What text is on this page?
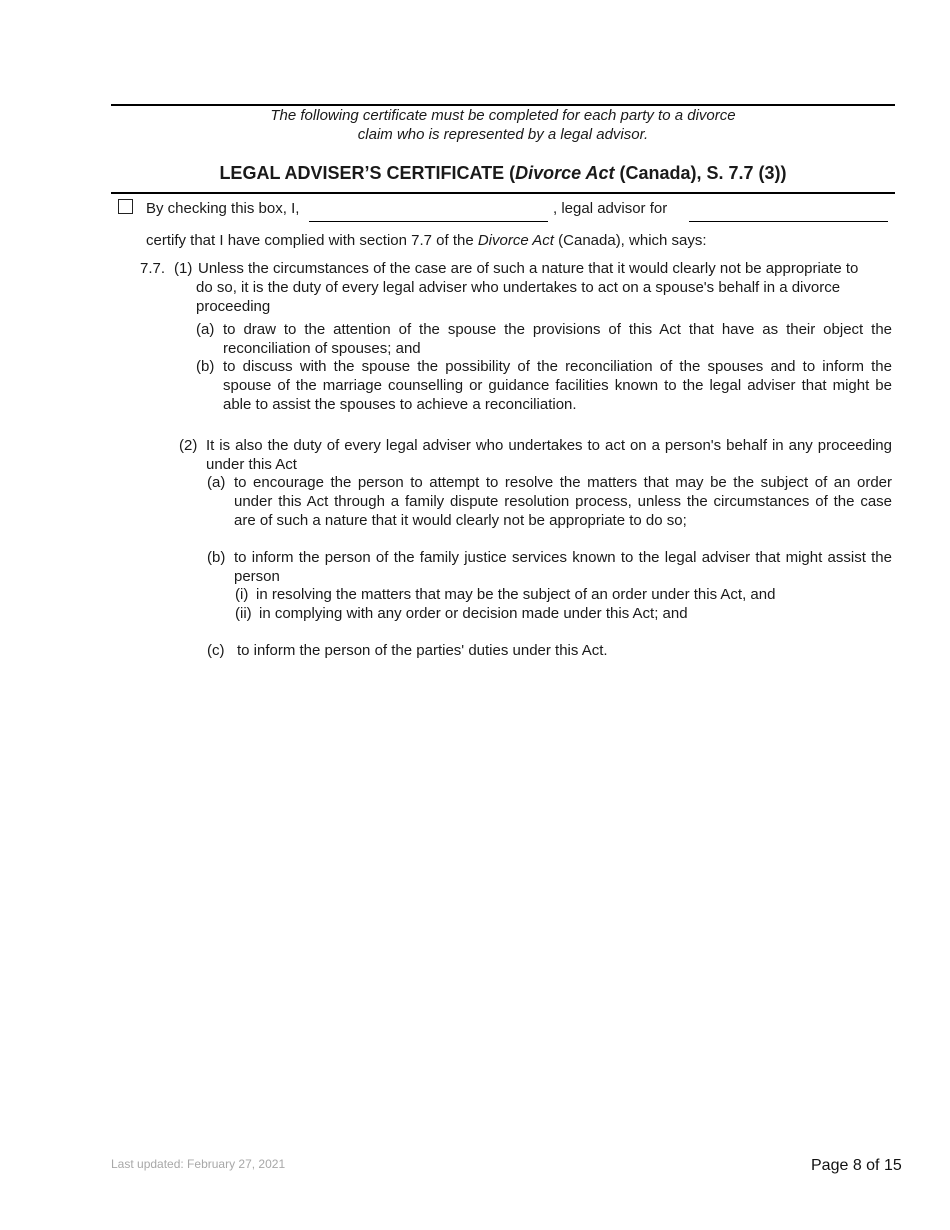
The following certificate must be completed for each party to a divorce
claim who is represented by a legal advisor.
LEGAL ADVISER’S CERTIFICATE (Divorce Act (Canada), S. 7.7 (3))
By checking this box, I,	, legal advisor for
certify that I have complied with section 7.7 of the Divorce Act (Canada), which says:
7.7. (1) Unless the circumstances of the case are of such a nature that it would clearly not be appropriate to
do so, it is the duty of every legal adviser who undertakes to act on a spouse's behalf in a divorce proceeding
(a) to draw to the attention of the spouse the provisions of this Act that have as their object the reconciliation of spouses; and
(b) to discuss with the spouse the possibility of the reconciliation of the spouses and to inform the spouse of the marriage counselling or guidance facilities known to the legal adviser that might be able to assist the spouses to achieve a reconciliation.
(2) It is also the duty of every legal adviser who undertakes to act on a person's behalf in any proceeding under this Act
(a) to encourage the person to attempt to resolve the matters that may be the subject of an order under this Act through a family dispute resolution process, unless the circumstances of the case are of such a nature that it would clearly not be appropriate to do so;
(b) to inform the person of the family justice services known to the legal adviser that might assist the person
(i) in resolving the matters that may be the subject of an order under this Act, and
(ii) in complying with any order or decision made under this Act; and
(c) to inform the person of the parties' duties under this Act.
Last updated: February 27, 2021	Page 8 of 15
